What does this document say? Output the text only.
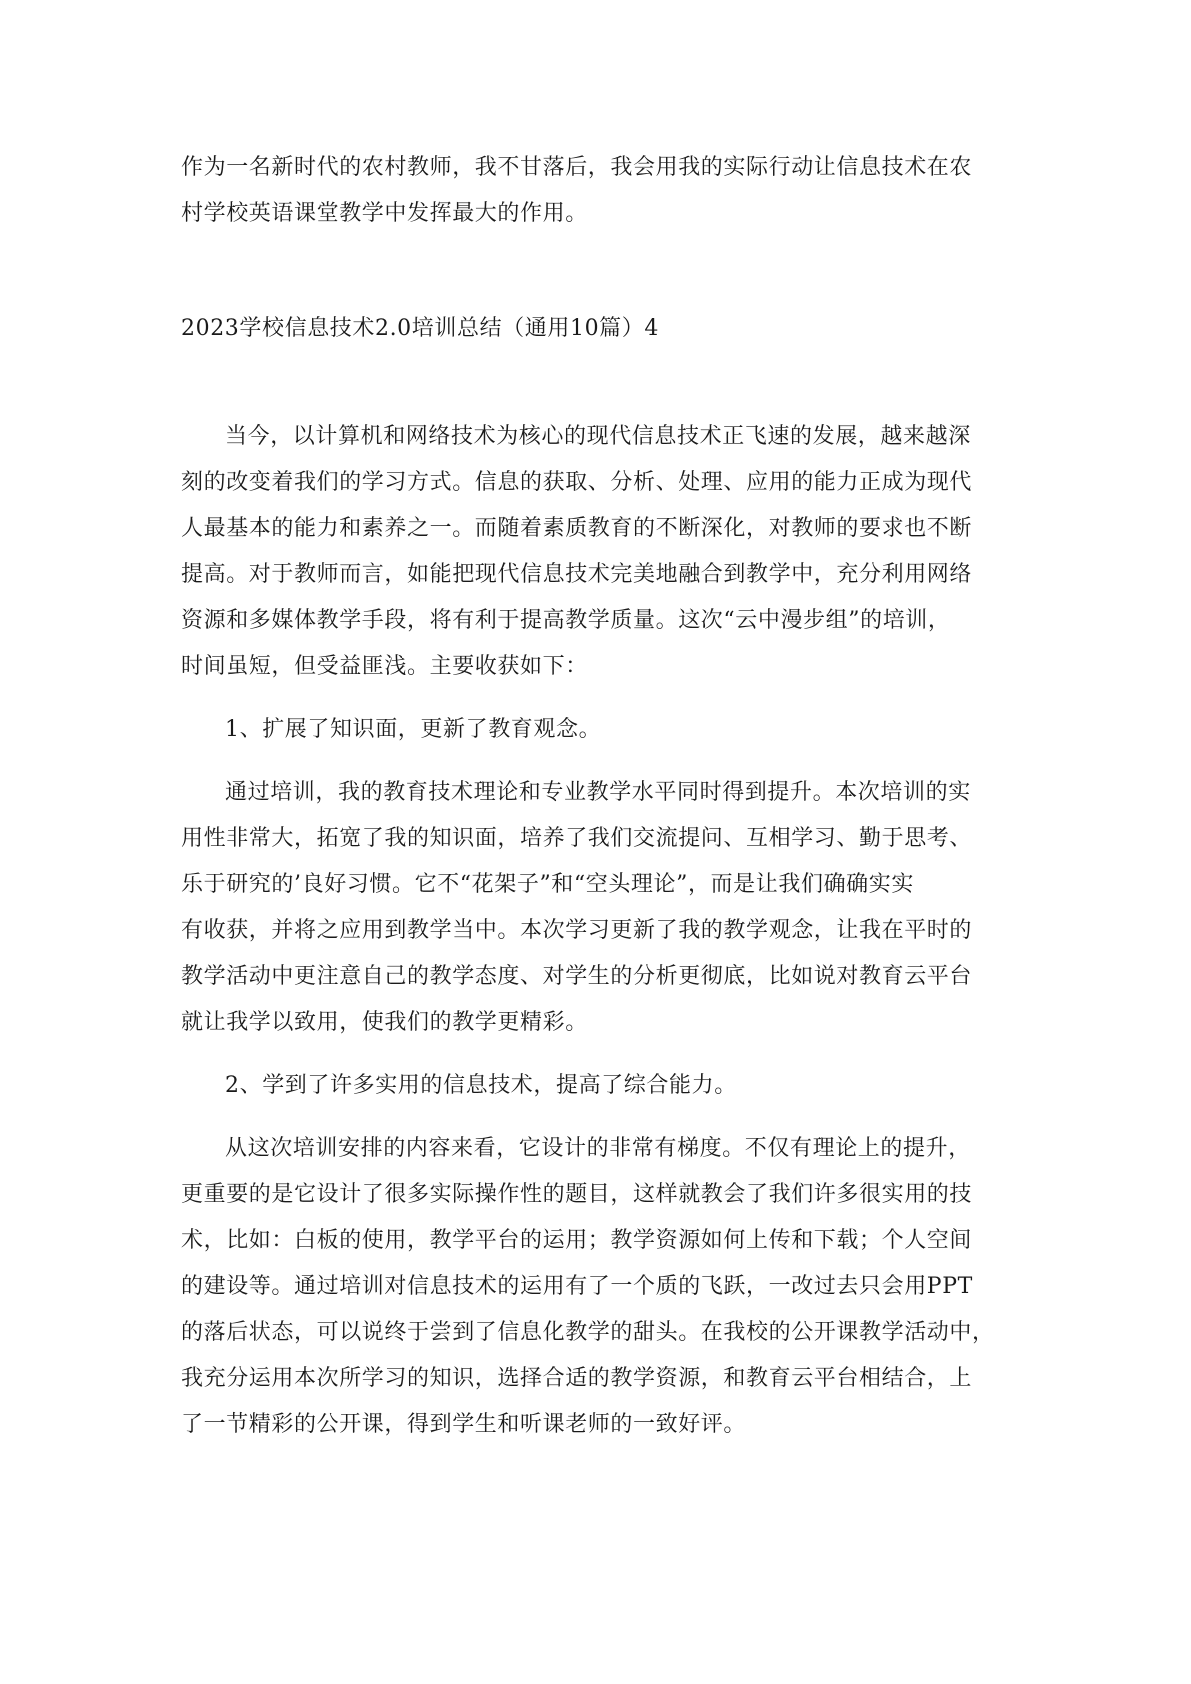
作为一名新时代的农村教师，我不甘落后，我会用我的实际行动让信息技术在农
村学校英语课堂教学中发挥最大的作用。
2023学校信息技术2.0培训总结（通用10篇）4
当今，以计算机和网络技术为核心的现代信息技术正飞速的发展，越来越深
刻的改变着我们的学习方式。信息的获取、分析、处理、应用的能力正成为现代
人最基本的能力和素养之一。而随着素质教育的不断深化，对教师的要求也不断
提高。对于教师而言，如能把现代信息技术完美地融合到教学中，充分利用网络
资源和多媒体教学手段，将有利于提高教学质量。这次“云中漫步组”的培训，
时间虽短，但受益匪浅。主要收获如下：
1、扩展了知识面，更新了教育观念。
通过培训，我的教育技术理论和专业教学水平同时得到提升。本次培训的实
用性非常大，拓宽了我的知识面，培养了我们交流提问、互相学习、勤于思考、
乐于研究的’良好习惯。它不“花架子”和“空头理论”，而是让我们确确实实
有收获，并将之应用到教学当中。本次学习更新了我的教学观念，让我在平时的
教学活动中更注意自己的教学态度、对学生的分析更彻底，比如说对教育云平台
就让我学以致用，使我们的教学更精彩。
2、学到了许多实用的信息技术，提高了综合能力。
从这次培训安排的内容来看，它设计的非常有梯度。不仅有理论上的提升，
更重要的是它设计了很多实际操作性的题目，这样就教会了我们许多很实用的技
术，比如：白板的使用，教学平台的运用；教学资源如何上传和下载；个人空间
的建设等。通过培训对信息技术的运用有了一个质的飞跃，一改过去只会用PPT
的落后状态，可以说终于尝到了信息化教学的甜头。在我校的公开课教学活动中，
我充分运用本次所学习的知识，选择合适的教学资源，和教育云平台相结合，上
了一节精彩的公开课，得到学生和听课老师的一致好评。
